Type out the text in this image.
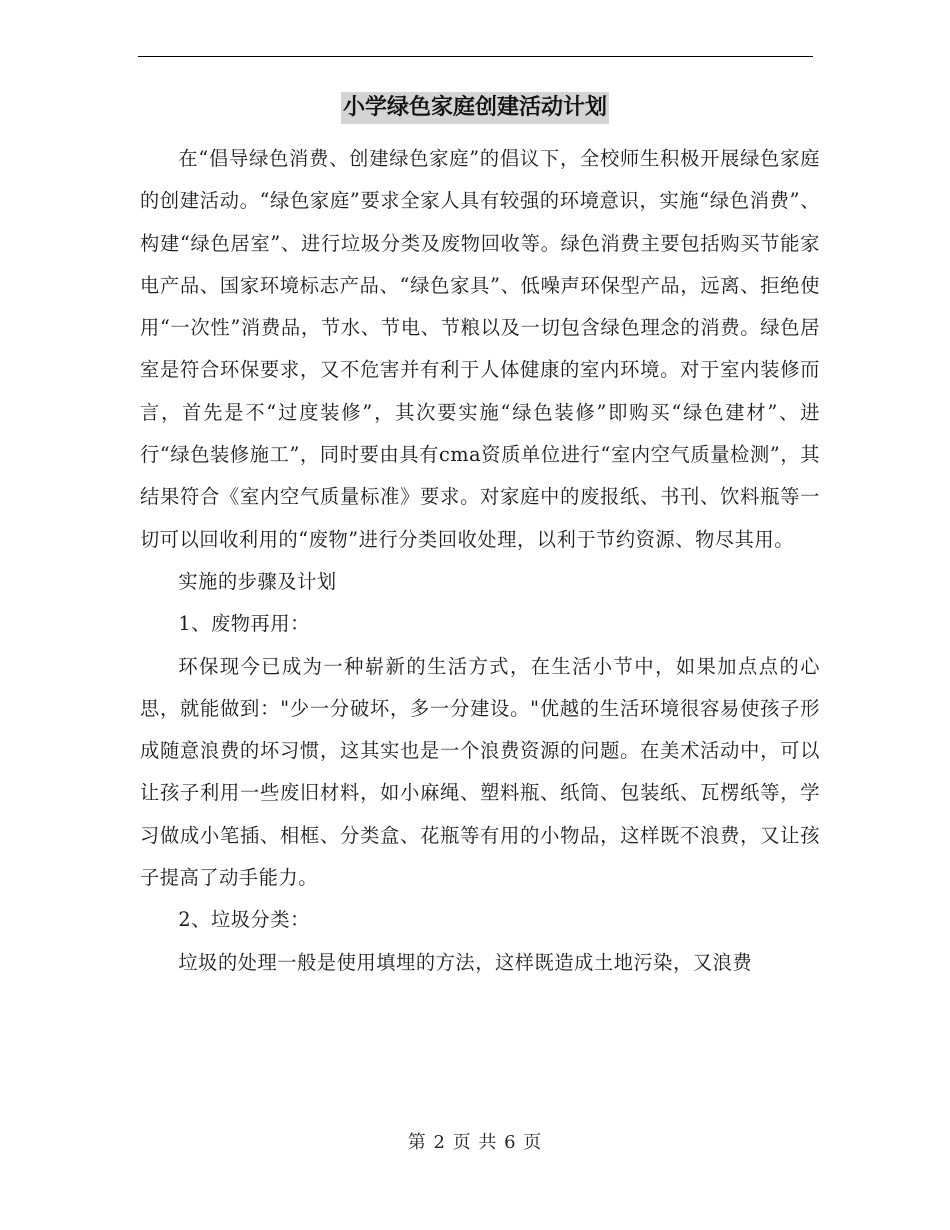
小学绿色家庭创建活动计划

在“倡导绿色消费、创建绿色家庭”的倡议下，全校师生积极开展绿色家庭的创建活动。“绿色家庭”要求全家人具有较强的环境意识，实施“绿色消费”、构建“绿色居室”、进行垃圾分类及废物回收等。绿色消费主要包括购买节能家电产品、国家环境标志产品、“绿色家具”、低噪声环保型产品，远离、拒绝使用“一次性”消费品，节水、节电、节粮以及一切包含绿色理念的消费。绿色居室是符合环保要求，又不危害并有利于人体健康的室内环境。对于室内装修而言，首先是不“过度装修”，其次要实施“绿色装修”即购买“绿色建材”、进行“绿色装修施工”，同时要由具有cma资质单位进行“室内空气质量检测”，其结果符合《室内空气质量标准》要求。对家庭中的废报纸、书刊、饮料瓶等一切可以回收利用的“废物”进行分类回收处理，以利于节约资源、物尽其用。

实施的步骤及计划

1、废物再用：

环保现今已成为一种崭新的生活方式，在生活小节中，如果加点点的心思，就能做到："少一分破坏，多一分建设。"优越的生活环境很容易使孩子形成随意浪费的坏习惯，这其实也是一个浪费资源的问题。在美术活动中，可以让孩子利用一些废旧材料，如小麻绳、塑料瓶、纸筒、包装纸、瓦楞纸等，学习做成小笔插、相框、分类盒、花瓶等有用的小物品，这样既不浪费，又让孩子提高了动手能力。

2、垃圾分类：

垃圾的处理一般是使用填埋的方法，这样既造成土地污染，又浪费

第 2 页 共 6 页
